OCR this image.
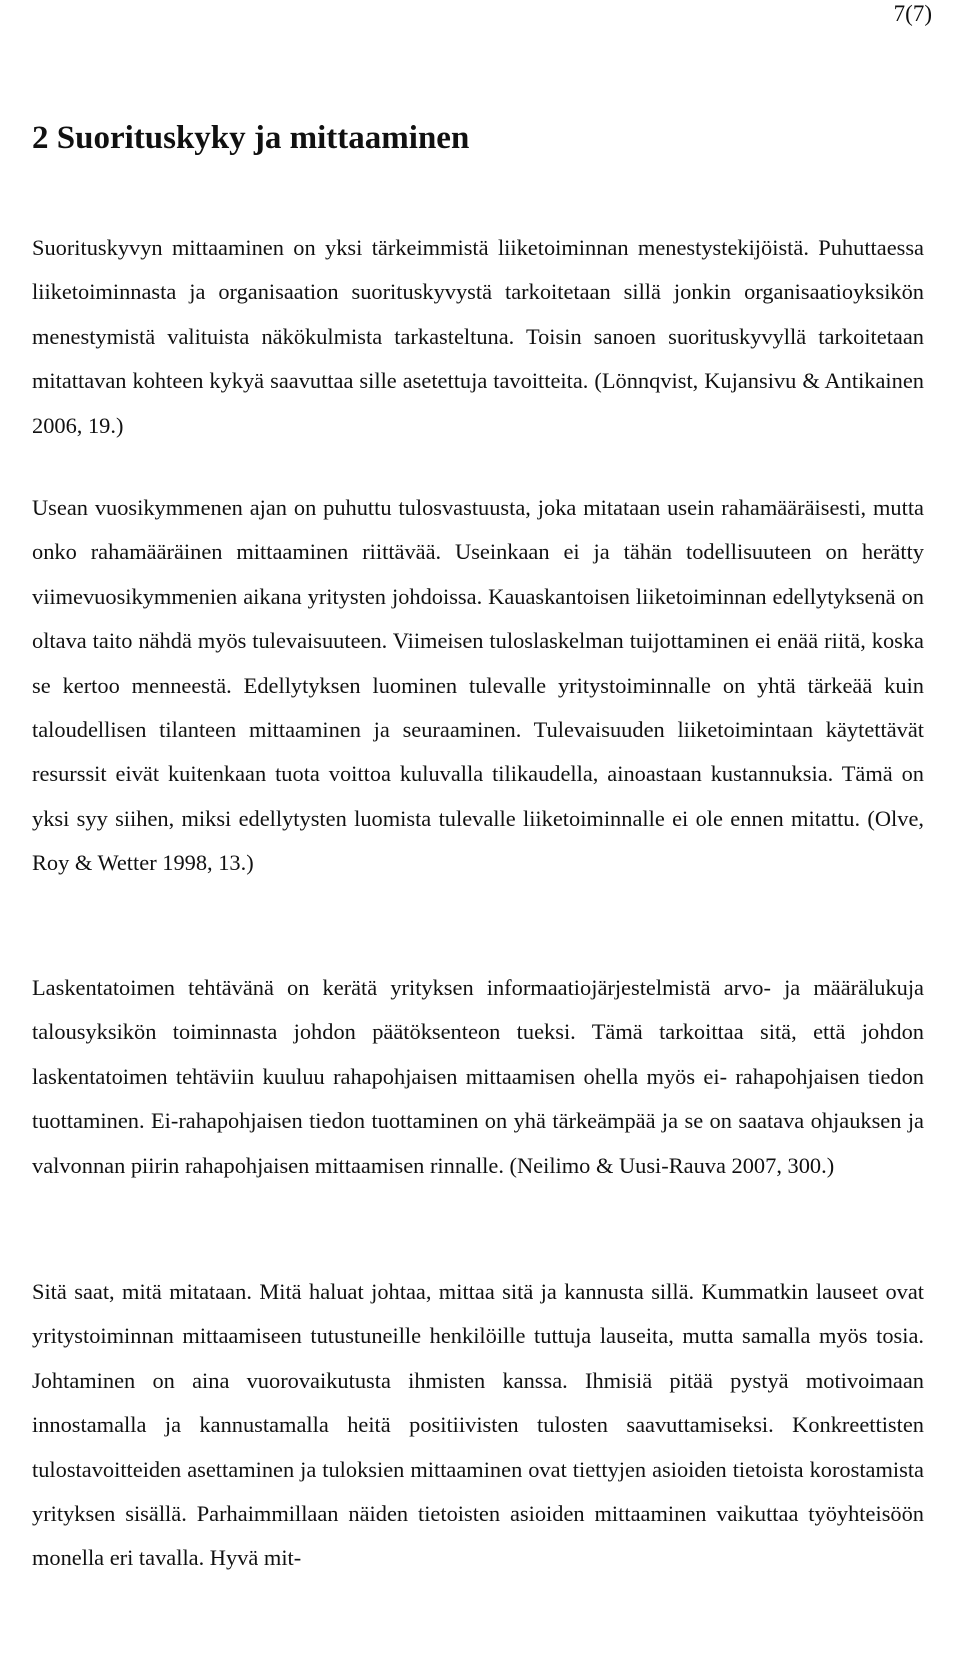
7(7)
2 Suorituskyky ja mittaaminen

Suorituskyvyn mittaaminen on yksi tärkeimmistä liiketoiminnan menestystekijöistä. Puhuttaessa liiketoiminnasta ja organisaation suorituskyvystä tarkoitetaan sillä jonkin organisaatioyksikön menestymistä valituista näkökulmista tarkasteltuna. Toisin sanoen suorituskyvyllä tarkoitetaan mitattavan kohteen kykyä saavuttaa sille asetettuja tavoitteita. (Lönnqvist, Kujansivu & Antikainen 2006, 19.)

Usean vuosikymmenen ajan on puhuttu tulosvastuusta, joka mitataan usein rahamääräisesti, mutta onko rahamääräinen mittaaminen riittävää. Useinkaan ei ja tähän todellisuuteen on herätty viimevuosikymmenien aikana yritysten johdoissa. Kauaskantoisen liiketoiminnan edellytyksenä on oltava taito nähdä myös tulevaisuuteen. Viimeisen tuloslaskelman tuijottaminen ei enää riitä, koska se kertoo menneestä. Edellytyksen luominen tulevalle yritystoiminnalle on yhtä tärkeää kuin taloudellisen tilanteen mittaaminen ja seuraaminen. Tulevaisuuden liiketoimintaan käytettävät resurssit eivät kuitenkaan tuota voittoa kuluvalla tilikaudella, ainoastaan kustannuksia. Tämä on yksi syy siihen, miksi edellytysten luomista tulevalle liiketoiminnalle ei ole ennen mitattu. (Olve, Roy & Wetter 1998, 13.)

Laskentatoimen tehtävänä on kerätä yrityksen informaatiojärjestelmistä arvo- ja määrälukuja talousyksikön toiminnasta johdon päätöksenteon tueksi. Tämä tarkoittaa sitä, että johdon laskentatoimen tehtäviin kuuluu rahapohjaisen mittaamisen ohella myös ei- rahapohjaisen tiedon tuottaminen. Ei-rahapohjaisen tiedon tuottaminen on yhä tärkeämpää ja se on saatava ohjauksen ja valvonnan piirin rahapohjaisen mittaamisen rinnalle. (Neilimo & Uusi-Rauva 2007, 300.)

Sitä saat, mitä mitataan. Mitä haluat johtaa, mittaa sitä ja kannusta sillä. Kummatkin lauseet ovat yritystoiminnan mittaamiseen tutustuneille henkilöille tuttuja lauseita, mutta samalla myös tosia. Johtaminen on aina vuorovaikutusta ihmisten kanssa. Ihmisiä pitää pystyä motivoimaan innostamalla ja kannustamalla heitä positiivisten tulosten saavuttamiseksi. Konkreettisten tulostavoitteiden asettaminen ja tuloksien mittaaminen ovat tiettyjen asioiden tietoista korostamista yrityksen sisällä. Parhaimmillaan näiden tietoisten asioiden mittaaminen vaikuttaa työyhteisöön monella eri tavalla. Hyvä mit-
